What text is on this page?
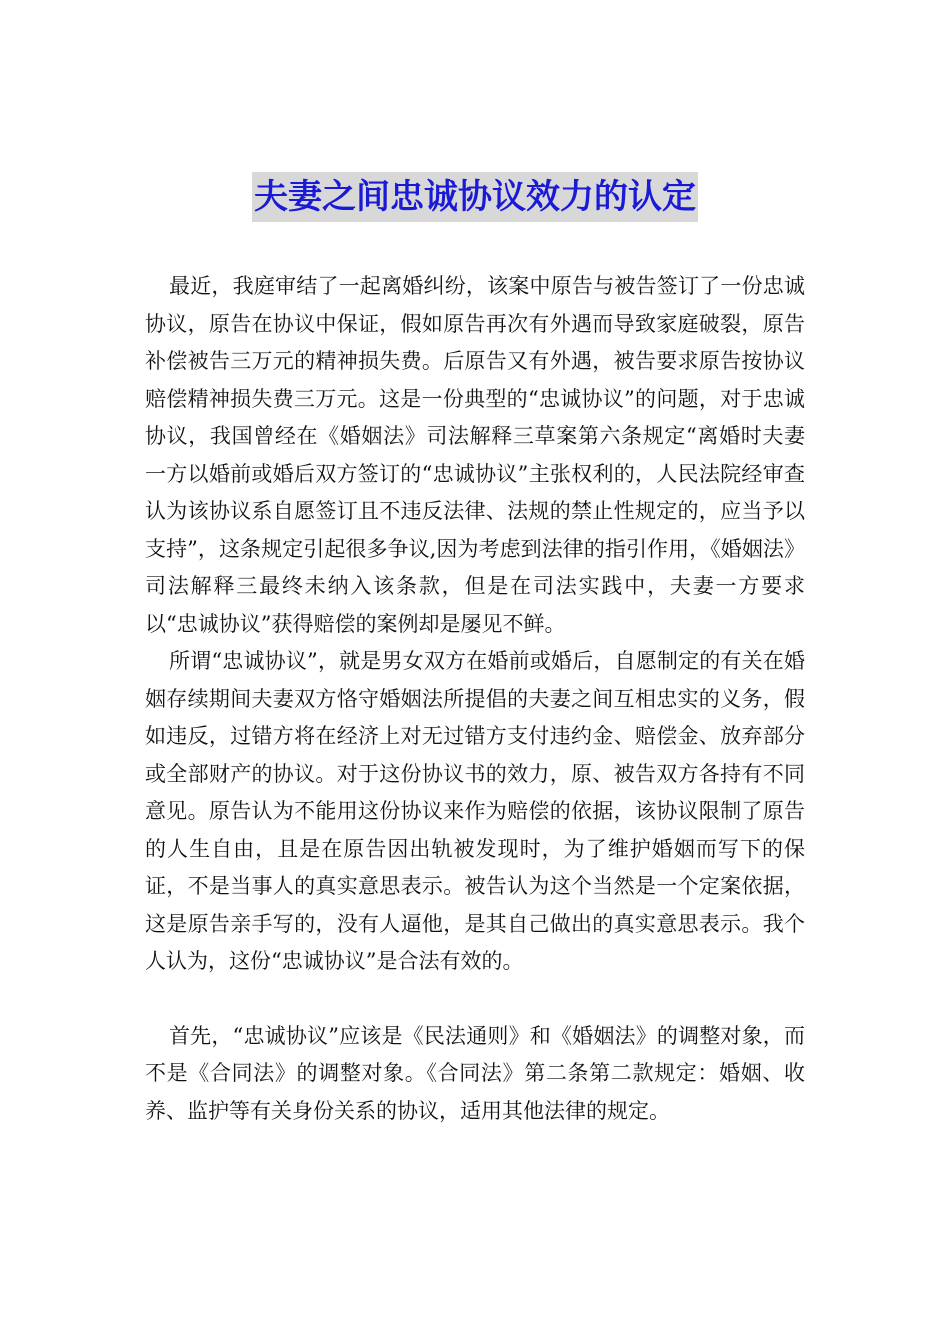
夫妻之间忠诚协议效力的认定

最近，我庭审结了一起离婚纠纷，该案中原告与被告签订了一份忠诚协议，原告在协议中保证，假如原告再次有外遇而导致家庭破裂，原告补偿被告三万元的精神损失费。后原告又有外遇，被告要求原告按协议赔偿精神损失费三万元。这是一份典型的“忠诚协议”的问题，对于忠诚协议，我国曾经在《婚姻法》司法解释三草案第六条规定“离婚时夫妻一方以婚前或婚后双方签订的“忠诚协议”主张权利的，人民法院经审查认为该协议系自愿签订且不违反法律、法规的禁止性规定的，应当予以支持”，这条规定引起很多争议,因为考虑到法律的指引作用，《婚姻法》司法解释三最终未纳入该条款，但是在司法实践中，夫妻一方要求以“忠诚协议”获得赔偿的案例却是屡见不鲜。

所谓“忠诚协议”，就是男女双方在婚前或婚后，自愿制定的有关在婚姻存续期间夫妻双方恪守婚姻法所提倡的夫妻之间互相忠实的义务，假如违反，过错方将在经济上对无过错方支付违约金、赔偿金、放弃部分或全部财产的协议。对于这份协议书的效力，原、被告双方各持有不同意见。原告认为不能用这份协议来作为赔偿的依据，该协议限制了原告的人生自由，且是在原告因出轨被发现时，为了维护婚姻而写下的保证，不是当事人的真实意思表示。被告认为这个当然是一个定案依据，这是原告亲手写的，没有人逼他，是其自己做出的真实意思表示。我个人认为，这份“忠诚协议”是合法有效的。

首先，“忠诚协议”应该是《民法通则》和《婚姻法》的调整对象，而不是《合同法》的调整对象。《合同法》第二条第二款规定：婚姻、收养、监护等有关身份关系的协议，适用其他法律的规定。
